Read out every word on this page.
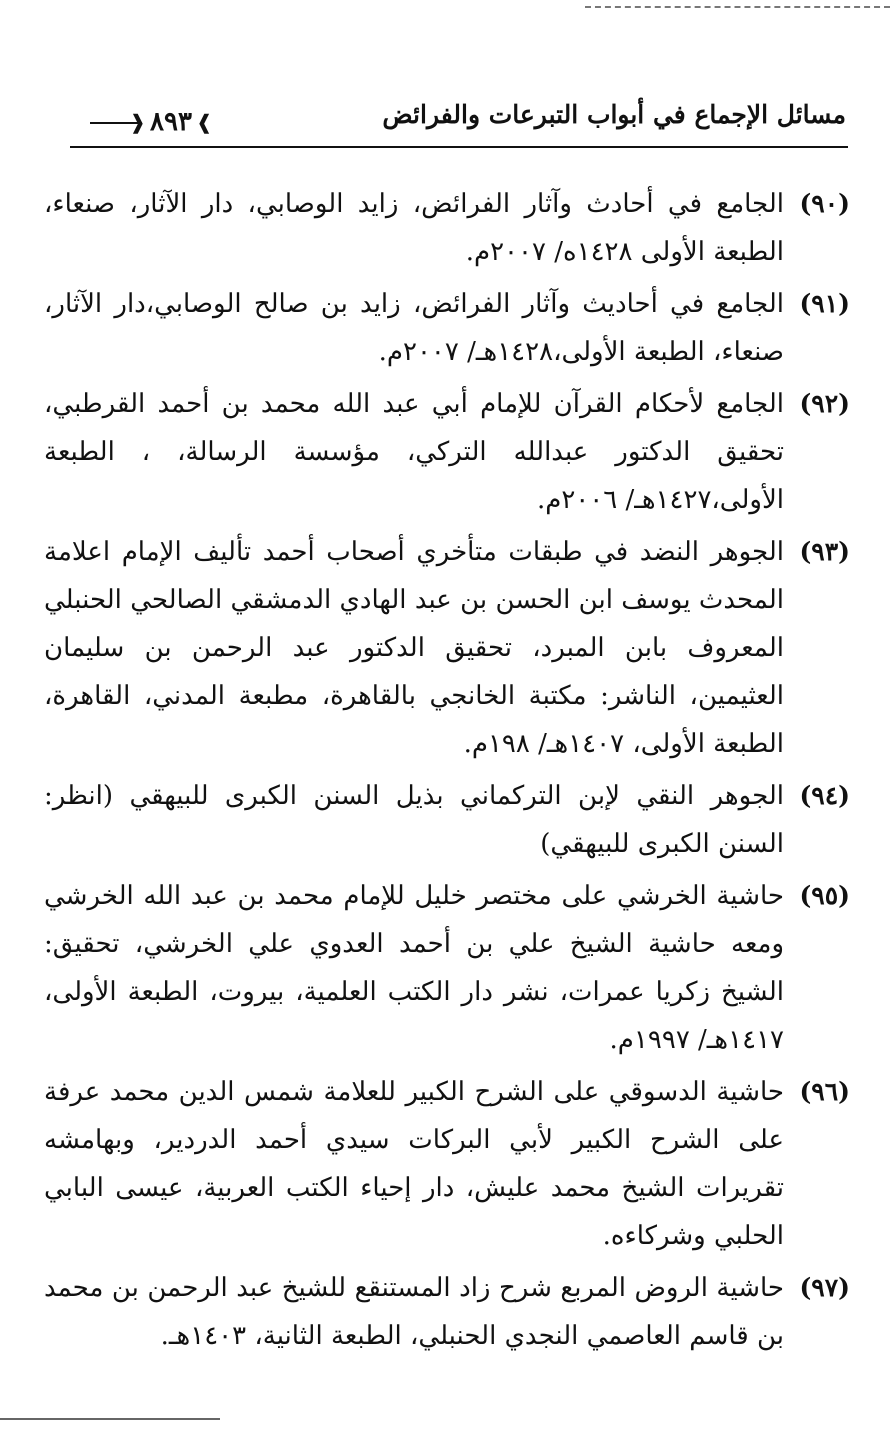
❱ ٨٩٣ ❰	مسائل الإجماع في أبواب التبرعات والفرائض
(٩٠)
الجامع في أحادث وآثار الفرائض، زايد الوصابي، دار الآثار، صنعاء، الطبعة الأولى ١٤٢٨ه/ ٢٠٠٧م.
(٩١)
الجامع في أحاديث وآثار الفرائض، زايد بن صالح الوصابي،دار الآثار، صنعاء، الطبعة الأولى،١٤٢٨هـ/ ٢٠٠٧م.
(٩٢)
الجامع لأحكام القرآن للإمام أبي عبد الله محمد بن أحمد القرطبي، تحقيق الدكتور عبدالله التركي، مؤسسة الرسالة، ، الطبعة الأولى،١٤٢٧هـ/ ٢٠٠٦م.
(٩٣)
الجوهر النضد في طبقات متأخري أصحاب أحمد تأليف الإمام اعلامة المحدث يوسف ابن الحسن بن عبد الهادي الدمشقي الصالحي الحنبلي المعروف بابن المبرد، تحقيق الدكتور عبد الرحمن بن سليمان العثيمين، الناشر: مكتبة الخانجي بالقاهرة، مطبعة المدني، القاهرة، الطبعة الأولى، ١٤٠٧هـ/ ١٩٨م.
(٩٤)
الجوهر النقي لإبن التركماني بذيل السنن الكبرى للبيهقي (انظر: السنن الكبرى للبيهقي)
(٩٥)
حاشية الخرشي على مختصر خليل للإمام محمد بن عبد الله الخرشي ومعه حاشية الشيخ علي بن أحمد العدوي علي الخرشي، تحقيق: الشيخ زكريا عمرات، نشر دار الكتب العلمية، بيروت، الطبعة الأولى، ١٤١٧هـ/ ١٩٩٧م.
(٩٦)
حاشية الدسوقي على الشرح الكبير للعلامة شمس الدين محمد عرفة على الشرح الكبير لأبي البركات سيدي أحمد الدردير، وبهامشه تقريرات الشيخ محمد عليش، دار إحياء الكتب العربية، عيسى البابي الحلبي وشركاءه.
(٩٧)
حاشية الروض المربع شرح زاد المستنقع للشيخ عبد الرحمن بن محمد بن قاسم العاصمي النجدي الحنبلي، الطبعة الثانية، ١٤٠٣هـ.
